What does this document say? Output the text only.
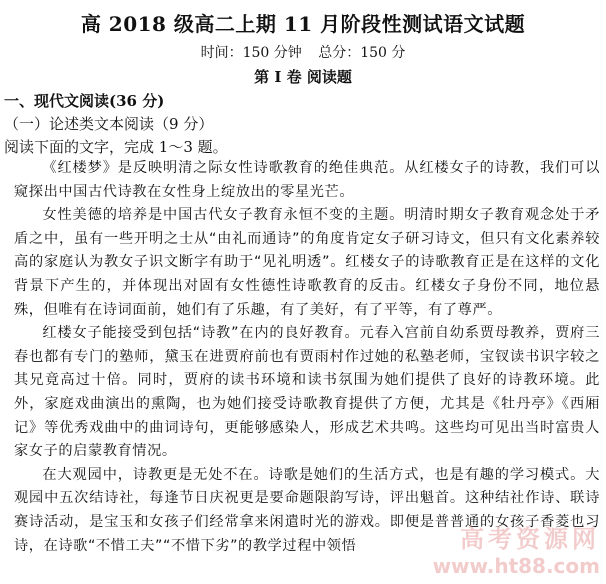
高 2018 级高二上期 11 月阶段性测试语文试题
时间：150 分钟 总分：150 分
第 I 卷 阅读题
一、现代文阅读(36 分)
（一）论述类文本阅读（9 分）
阅读下面的文字，完成 1～3 题。

《红楼梦》是反映明清之际女性诗歌教育的绝佳典范。从红楼女子的诗教，我们可以窥探出中国古代诗教在女性身上绽放出的零星光芒。

女性美德的培养是中国古代女子教育永恒不变的主题。明清时期女子教育观念处于矛盾之中，虽有一些开明之士从“由礼而通诗”的角度肯定女子研习诗文，但只有文化素养较高的家庭认为教女子识文断字有助于“见礼明透”。红楼女子的诗歌教育正是在这样的文化背景下产生的，并体现出对固有女性德性诗歌教育的反击。红楼女子身份不同，地位悬殊，但唯有在诗词面前，她们有了乐趣，有了美好，有了平等，有了尊严。

红楼女子能接受到包括“诗教”在内的良好教育。元春入宫前自幼系贾母教养，贾府三春也都有专门的塾师，黛玉在进贾府前也有贾雨村作过她的私塾老师，宝钗读书识字较之其兄竟高过十倍。同时，贾府的读书环境和读书氛围为她们提供了良好的诗教环境。此外，家庭戏曲演出的熏陶，也为她们接受诗歌教育提供了方便，尤其是《牡丹亭》《西厢记》等优秀戏曲中的曲词诗句，更能够感染人，形成艺术共鸣。这些均可见出当时富贵人家女子的启蒙教育情况。

在大观园中，诗教更是无处不在。诗歌是她们的生活方式，也是有趣的学习模式。大观园中五次结诗社，每逢节日庆祝更是要命题限韵写诗，评出魁首。这种结社作诗、联诗赛诗活动，是宝玉和女孩子们经常拿来闲遣时光的游戏。即便是普普通的女孩子香菱也习诗，在诗歌“不惜工夫”“不惜下劣”的教学过程中领悟	高考资源网
www.ht88.com
